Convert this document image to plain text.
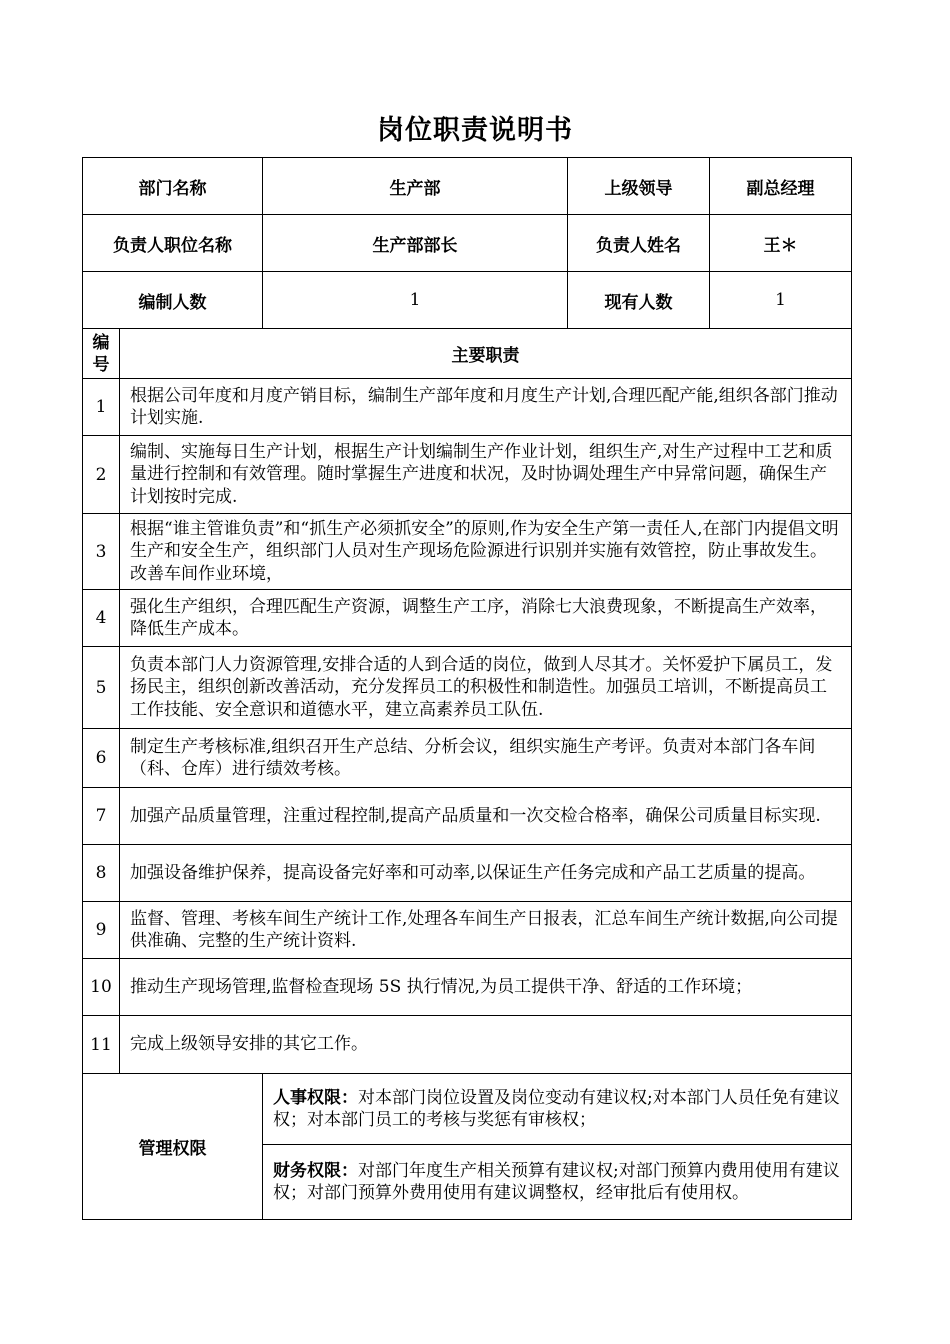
岗位职责说明书
部门名称		生产部	上级领导	副总经理
负责人职位名称		生产部部长	负责人姓名	王＊
编制人数		1	现有人数	1
编
号	主要职责			
1	根据公司年度和月度产销目标，编制生产部年度和月度生产计划,合理匹配产能,组织各部门推动计划实施.			
2	编制、实施每日生产计划，根据生产计划编制生产作业计划，组织生产,对生产过程中工艺和质量进行控制和有效管理。随时掌握生产进度和状况，及时协调处理生产中异常问题，确保生产计划按时完成.			
3	根据“谁主管谁负责”和“抓生产必须抓安全”的原则,作为安全生产第一责任人,在部门内提倡文明生产和安全生产，组织部门人员对生产现场危险源进行识别并实施有效管控，防止事故发生。改善车间作业环境，			
4	强化生产组织，合理匹配生产资源，调整生产工序，消除七大浪费现象，不断提高生产效率，降低生产成本。			
5	负责本部门人力资源管理,安排合适的人到合适的岗位，做到人尽其才。关怀爱护下属员工，发扬民主，组织创新改善活动，充分发挥员工的积极性和制造性。加强员工培训，不断提高员工工作技能、安全意识和道德水平，建立高素养员工队伍.			
6	制定生产考核标准,组织召开生产总结、分析会议，组织实施生产考评。负责对本部门各车间（科、仓库）进行绩效考核。			
7	加强产品质量管理，注重过程控制,提高产品质量和一次交检合格率，确保公司质量目标实现.			
8	加强设备维护保养，提高设备完好率和可动率,以保证生产任务完成和产品工艺质量的提高。			
9	监督、管理、考核车间生产统计工作,处理各车间生产日报表，汇总车间生产统计数据,向公司提供准确、完整的生产统计资料.			
10	推动生产现场管理,监督检查现场 5S 执行情况,为员工提供干净、舒适的工作环境；			
11	完成上级领导安排的其它工作。			
管理权限		人事权限：对本部门岗位设置及岗位变动有建议权;对本部门人员任免有建议权；对本部门员工的考核与奖惩有审核权；		
		财务权限：对部门年度生产相关预算有建议权;对部门预算内费用使用有建议权；对部门预算外费用使用有建议调整权，经审批后有使用权。		
